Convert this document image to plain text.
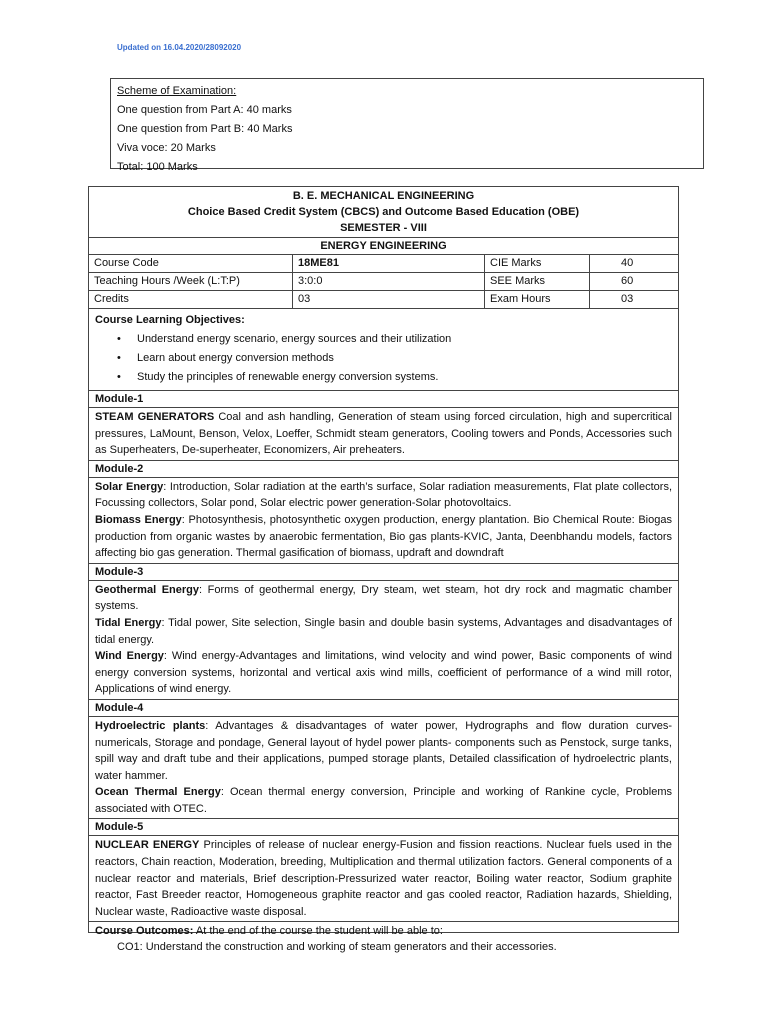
Updated on 16.04.2020/28092020
Scheme of Examination:
One question from Part A: 40 marks
One question from Part B: 40 Marks
Viva voce: 20 Marks
Total: 100 Marks
B. E. MECHANICAL ENGINEERING
Choice Based Credit System (CBCS) and Outcome Based Education (OBE)
SEMESTER - VIII
ENERGY ENGINEERING
Course Code	18ME81	CIE Marks	40
Teaching Hours /Week (L:T:P)	3:0:0	SEE Marks	60
Credits	03	Exam Hours	03
Course Learning Objectives:
• Understand energy scenario, energy sources and their utilization
• Learn about energy conversion methods
• Study the principles of renewable energy conversion systems.
Module-1

STEAM GENERATORS Coal and ash handling, Generation of steam using forced circulation, high and supercritical pressures, LaMount, Benson, Velox, Loeffer, Schmidt steam generators, Cooling towers and Ponds, Accessories such as Superheaters, De-superheater, Economizers, Air preheaters.

Module-2

Solar Energy: Introduction, Solar radiation at the earth’s surface, Solar radiation measurements, Flat plate collectors, Focussing collectors, Solar pond, Solar electric power generation-Solar photovoltaics.

Biomass Energy: Photosynthesis, photosynthetic oxygen production, energy plantation. Bio Chemical Route: Biogas production from organic wastes by anaerobic fermentation, Bio gas plants-KVIC, Janta, Deenbhandu models, factors affecting bio gas generation. Thermal gasification of biomass, updraft and downdraft

Module-3

Geothermal Energy: Forms of geothermal energy, Dry steam, wet steam, hot dry rock and magmatic chamber systems.

Tidal Energy: Tidal power, Site selection, Single basin and double basin systems, Advantages and disadvantages of tidal energy.

Wind Energy: Wind energy-Advantages and limitations, wind velocity and wind power, Basic components of wind energy conversion systems, horizontal and vertical axis wind mills, coefficient of performance of a wind mill rotor, Applications of wind energy.

Module-4

Hydroelectric plants: Advantages & disadvantages of water power, Hydrographs and flow duration curves-numericals, Storage and pondage, General layout of hydel power plants- components such as Penstock, surge tanks, spill way and draft tube and their applications, pumped storage plants, Detailed classification of hydroelectric plants, water hammer.

Ocean Thermal Energy: Ocean thermal energy conversion, Principle and working of Rankine cycle, Problems associated with OTEC.

Module-5

NUCLEAR ENERGY Principles of release of nuclear energy-Fusion and fission reactions. Nuclear fuels used in the reactors, Chain reaction, Moderation, breeding, Multiplication and thermal utilization factors. General components of a nuclear reactor and materials, Brief description-Pressurized water reactor, Boiling water reactor, Sodium graphite reactor, Fast Breeder reactor, Homogeneous graphite reactor and gas cooled reactor, Radiation hazards, Shielding, Nuclear waste, Radioactive waste disposal.

Course Outcomes: At the end of the course the student will be able to:
CO1: Understand the construction and working of steam generators and their accessories.
